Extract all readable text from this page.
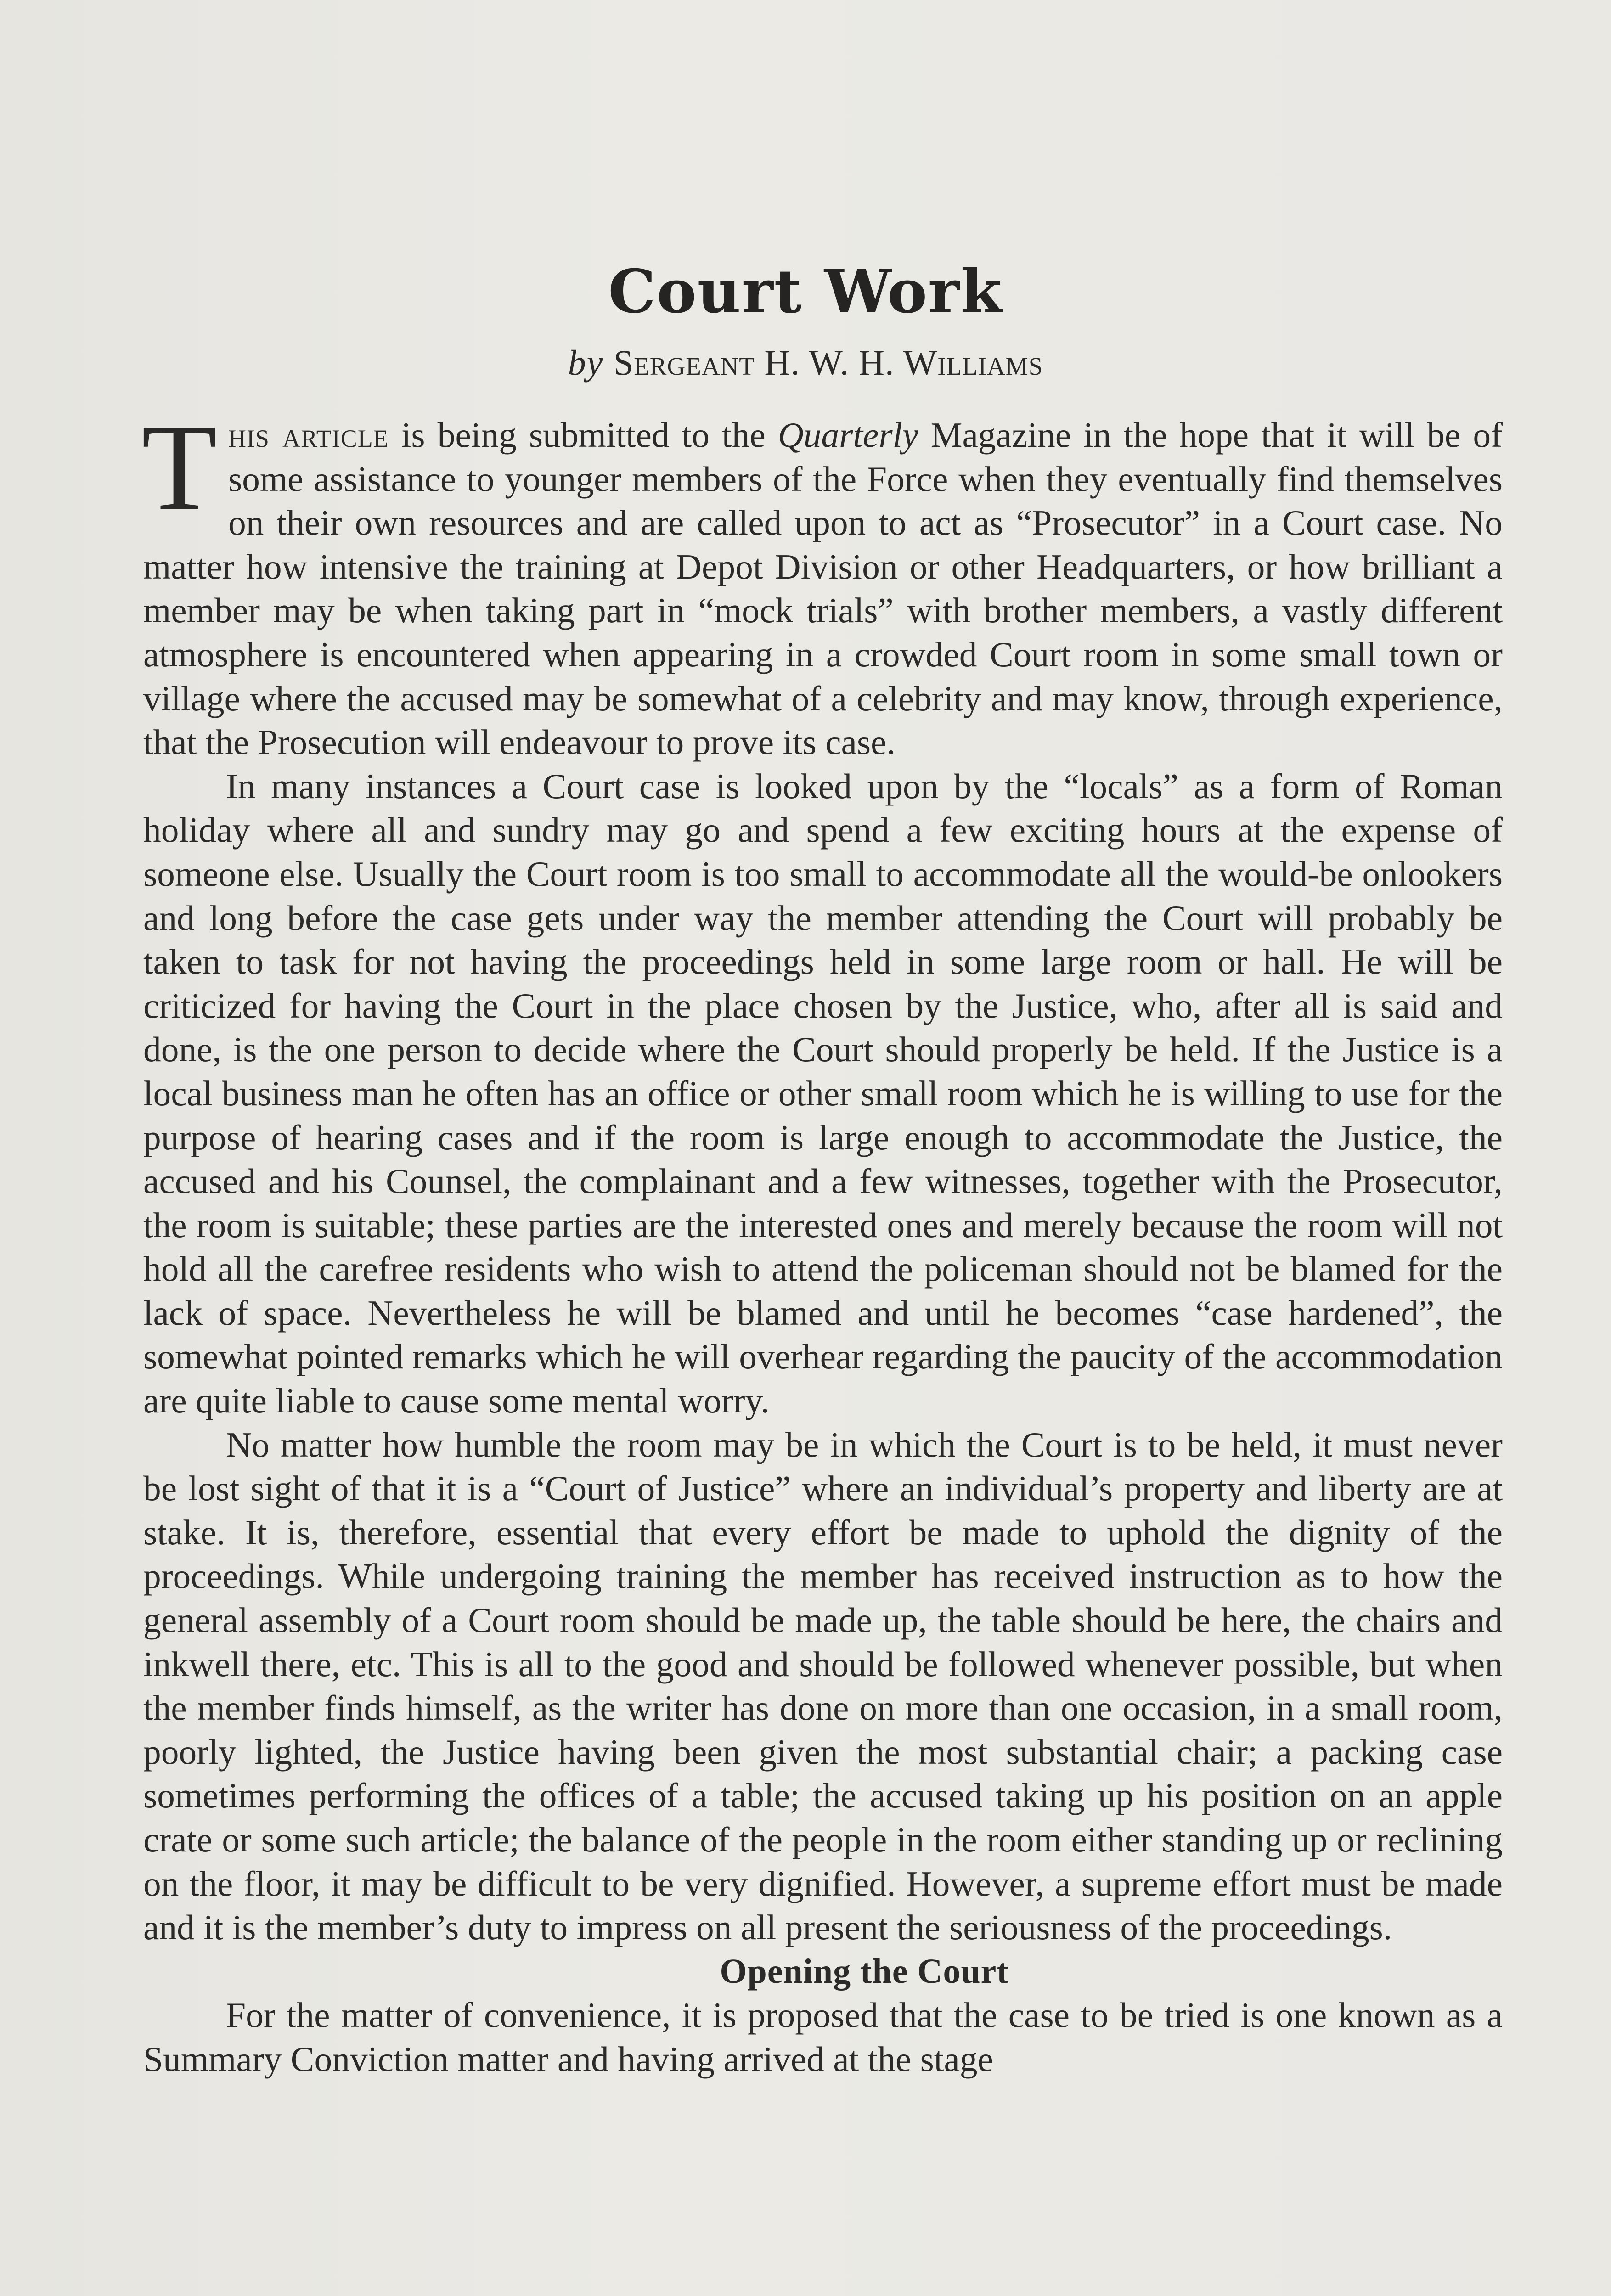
Court Work
by Sergeant H. W. H. Williams

This article is being submitted to the Quarterly Magazine in the hope that it will be of some assistance to younger members of the Force when they eventually find themselves on their own resources and are called upon to act as “Prosecutor” in a Court case. No matter how intensive the training at Depot Division or other Headquarters, or how brilliant a member may be when taking part in “mock trials” with brother members, a vastly different atmosphere is encountered when appearing in a crowded Court room in some small town or village where the accused may be somewhat of a celebrity and may know, through experience, that the Prosecution will endeavour to prove its case.

In many instances a Court case is looked upon by the “locals” as a form of Roman holiday where all and sundry may go and spend a few exciting hours at the expense of someone else. Usually the Court room is too small to accommodate all the would-be onlookers and long before the case gets under way the member attending the Court will probably be taken to task for not having the proceedings held in some large room or hall. He will be criticized for having the Court in the place chosen by the Justice, who, after all is said and done, is the one person to decide where the Court should properly be held. If the Justice is a local business man he often has an office or other small room which he is willing to use for the purpose of hearing cases and if the room is large enough to accommodate the Justice, the accused and his Counsel, the complainant and a few witnesses, together with the Prosecutor, the room is suitable; these parties are the interested ones and merely because the room will not hold all the carefree residents who wish to attend the policeman should not be blamed for the lack of space. Nevertheless he will be blamed and until he becomes “case hardened”, the somewhat pointed remarks which he will overhear regarding the paucity of the accommodation are quite liable to cause some mental worry.

No matter how humble the room may be in which the Court is to be held, it must never be lost sight of that it is a “Court of Justice” where an individual’s property and liberty are at stake. It is, therefore, essential that every effort be made to uphold the dignity of the proceedings. While undergoing training the member has received instruction as to how the general assembly of a Court room should be made up, the table should be here, the chairs and inkwell there, etc. This is all to the good and should be followed whenever possible, but when the member finds himself, as the writer has done on more than one occasion, in a small room, poorly lighted, the Justice having been given the most substantial chair; a packing case sometimes performing the offices of a table; the accused taking up his position on an apple crate or some such article; the balance of the people in the room either standing up or reclining on the floor, it may be difficult to be very dignified. However, a supreme effort must be made and it is the member’s duty to impress on all present the seriousness of the proceedings.

Opening the Court

For the matter of convenience, it is proposed that the case to be tried is one known as a Summary Conviction matter and having arrived at the stage
